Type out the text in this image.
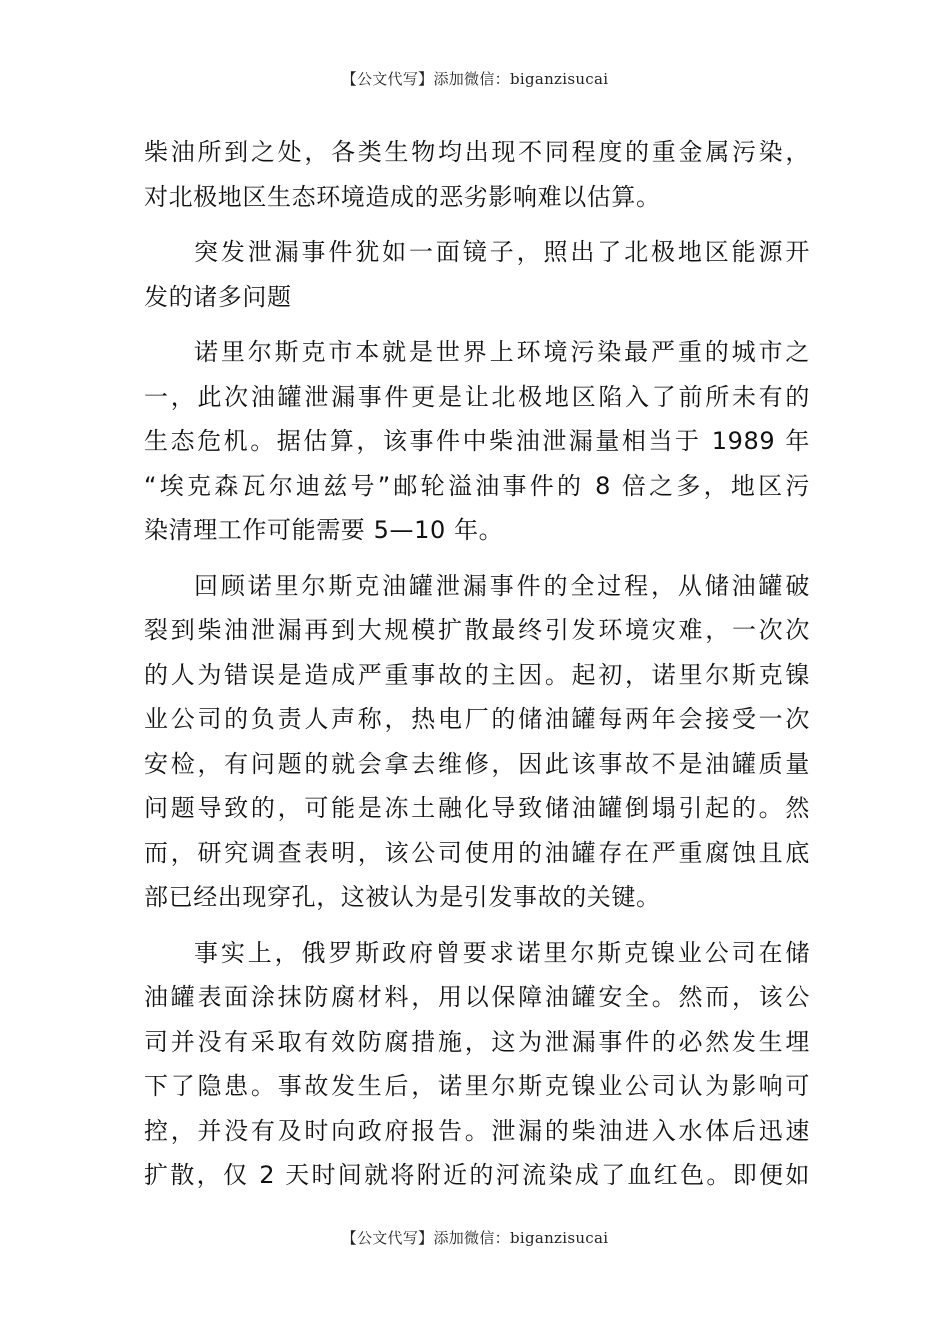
【公文代写】添加微信：biganzisucai

柴油所到之处，各类生物均出现不同程度的重金属污染，
对北极地区生态环境造成的恶劣影响难以估算。

突发泄漏事件犹如一面镜子，照出了北极地区能源开
发的诸多问题

诺里尔斯克市本就是世界上环境污染最严重的城市之
一，此次油罐泄漏事件更是让北极地区陷入了前所未有的
生态危机。据估算，该事件中柴油泄漏量相当于 1989 年
“埃克森瓦尔迪兹号”邮轮溢油事件的 8 倍之多，地区污
染清理工作可能需要 5—10 年。

回顾诺里尔斯克油罐泄漏事件的全过程，从储油罐破
裂到柴油泄漏再到大规模扩散最终引发环境灾难，一次次
的人为错误是造成严重事故的主因。起初，诺里尔斯克镍
业公司的负责人声称，热电厂的储油罐每两年会接受一次
安检，有问题的就会拿去维修，因此该事故不是油罐质量
问题导致的，可能是冻土融化导致储油罐倒塌引起的。然
而，研究调查表明，该公司使用的油罐存在严重腐蚀且底
部已经出现穿孔，这被认为是引发事故的关键。

事实上，俄罗斯政府曾要求诺里尔斯克镍业公司在储
油罐表面涂抹防腐材料，用以保障油罐安全。然而，该公
司并没有采取有效防腐措施，这为泄漏事件的必然发生埋
下了隐患。事故发生后，诺里尔斯克镍业公司认为影响可
控，并没有及时向政府报告。泄漏的柴油进入水体后迅速
扩散，仅 2 天时间就将附近的河流染成了血红色。即便如

【公文代写】添加微信：biganzisucai
